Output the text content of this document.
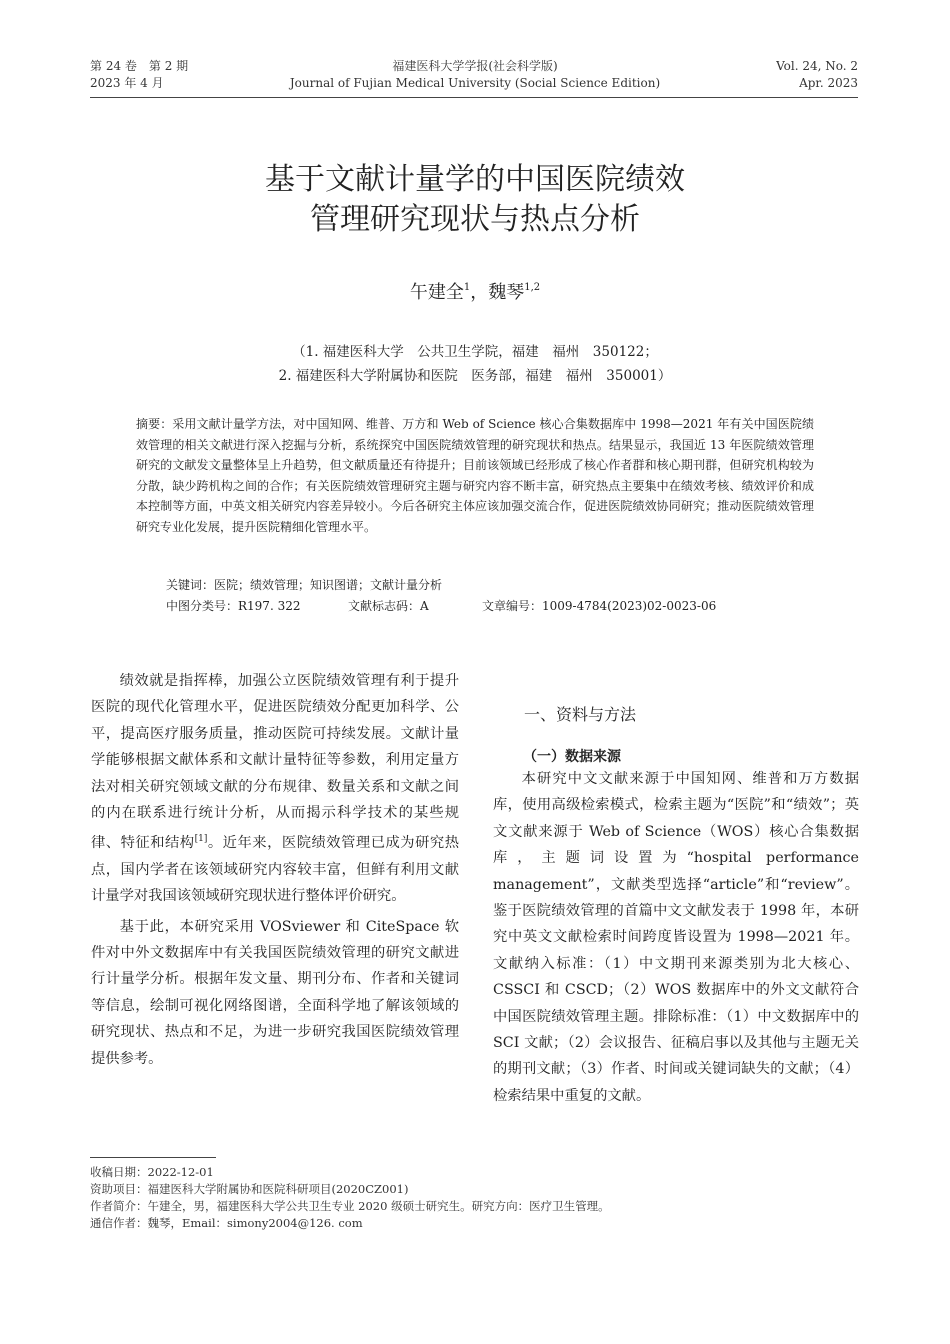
第 24 卷　第 2 期
2023 年 4 月
福建医科大学学报(社会科学版)
Journal of Fujian Medical University (Social Science Edition)
Vol. 24, No. 2
Apr. 2023
基于文献计量学的中国医院绩效
管理研究现状与热点分析
午建全$^1$，魏琴$^{1,2}$
（1. 福建医科大学　公共卫生学院，福建　福州　350122；
2. 福建医科大学附属协和医院　医务部，福建　福州　350001）
摘要：采用文献计量学方法，对中国知网、维普、万方和 Web of Science 核心合集数据库中 1998—2021 年有关中国医院绩效管理的相关文献进行深入挖掘与分析，系统探究中国医院绩效管理的研究现状和热点。结果显示，我国近 13 年医院绩效管理研究的文献发文量整体呈上升趋势，但文献质量还有待提升；目前该领域已经形成了核心作者群和核心期刊群，但研究机构较为分散，缺少跨机构之间的合作；有关医院绩效管理研究主题与研究内容不断丰富，研究热点主要集中在绩效考核、绩效评价和成本控制等方面，中英文相关研究内容差异较小。今后各研究主体应该加强交流合作，促进医院绩效协同研究；推动医院绩效管理研究专业化发展，提升医院精细化管理水平。
关键词：医院；绩效管理；知识图谱；文献计量分析
中图分类号：R197. 322	文献标志码：A	文章编号：1009-4784(2023)02-0023-06

绩效就是指挥棒，加强公立医院绩效管理有利于提升医院的现代化管理水平，促进医院绩效分配更加科学、公平，提高医疗服务质量，推动医院可持续发展。文献计量学能够根据文献体系和文献计量特征等参数，利用定量方法对相关研究领域文献的分布规律、数量关系和文献之间的内在联系进行统计分析，从而揭示科学技术的某些规律、特征和结构[1]。近年来，医院绩效管理已成为研究热点，国内学者在该领域研究内容较丰富，但鲜有利用文献计量学对我国该领域研究现状进行整体评价研究。

基于此，本研究采用 VOSviewer 和 CiteSpace 软件对中外文数据库中有关我国医院绩效管理的研究文献进行计量学分析。根据年发文量、期刊分布、作者和关键词等信息，绘制可视化网络图谱，全面科学地了解该领域的研究现状、热点和不足，为进一步研究我国医院绩效管理提供参考。

一、资料与方法
（一）数据来源

本研究中文文献来源于中国知网、维普和万方数据库，使用高级检索模式，检索主题为“医院”和“绩效”；英文文献来源于 Web of Science（WOS）核心合集数据库，主题词设置为“hospital performance management”，文献类型选择“article”和“review”。鉴于医院绩效管理的首篇中文文献发表于 1998 年，本研究中英文文献检索时间跨度皆设置为 1998—2021 年。文献纳入标准：（1）中文期刊来源类别为北大核心、CSSCI 和 CSCD；（2）WOS 数据库中的外文文献符合中国医院绩效管理主题。排除标准：（1）中文数据库中的 SCI 文献；（2）会议报告、征稿启事以及其他与主题无关的期刊文献；（3）作者、时间或关键词缺失的文献；（4）检索结果中重复的文献。

收稿日期：2022-12-01
资助项目：福建医科大学附属协和医院科研项目(2020CZ001)
作者简介：午建全，男，福建医科大学公共卫生专业 2020 级硕士研究生。研究方向：医疗卫生管理。
通信作者：魏琴，Email：simony2004@126. com
